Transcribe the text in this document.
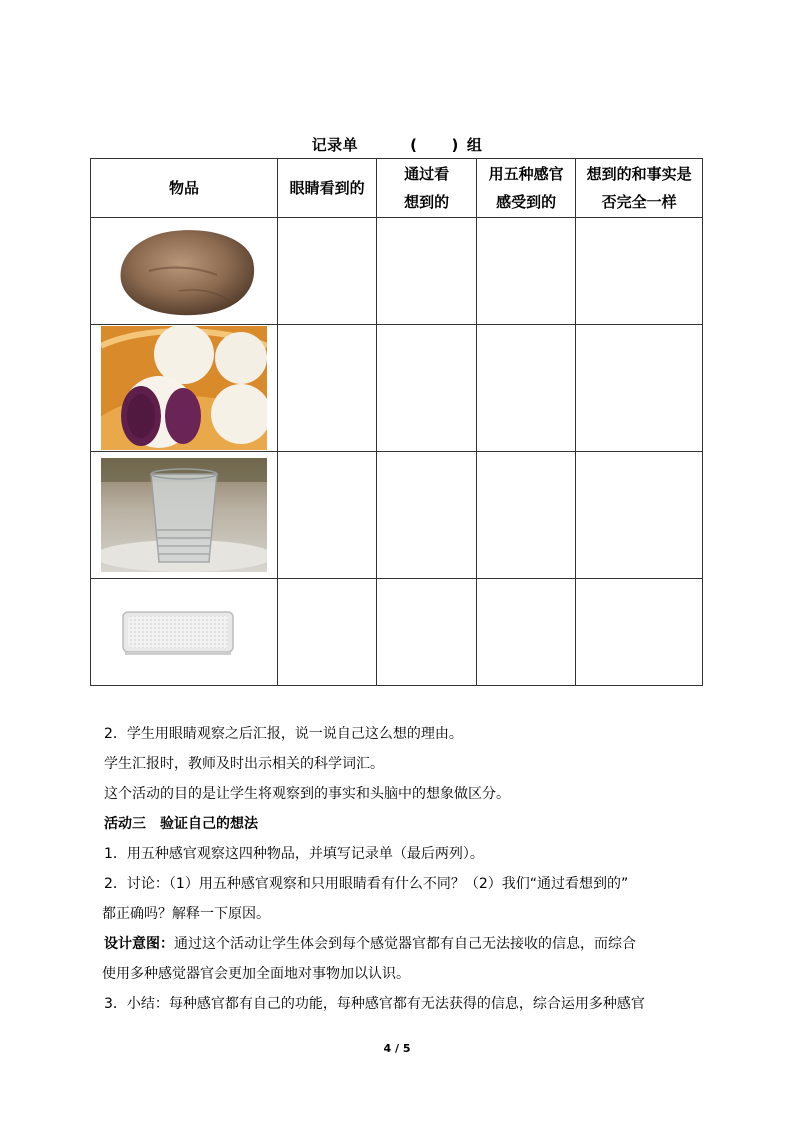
记录单	( ) 组
物品	眼睛看到的	通过看想到的	用五种感官感受到的	想到的和事实是否完全一样

2．学生用眼睛观察之后汇报，说一说自己这么想的理由。

学生汇报时，教师及时出示相关的科学词汇。

这个活动的目的是让学生将观察到的事实和头脑中的想象做区分。

活动三　验证自己的想法

1．用五种感官观察这四种物品，并填写记录单（最后两列）。

2．讨论：（1）用五种感官观察和只用眼睛看有什么不同？（2）我们“通过看想到的”

都正确吗？解释一下原因。

设计意图：通过这个活动让学生体会到每个感觉器官都有自己无法接收的信息，而综合

使用多种感觉器官会更加全面地对事物加以认识。

3．小结：每种感官都有自己的功能，每种感官都有无法获得的信息，综合运用多种感官

4 / 5
